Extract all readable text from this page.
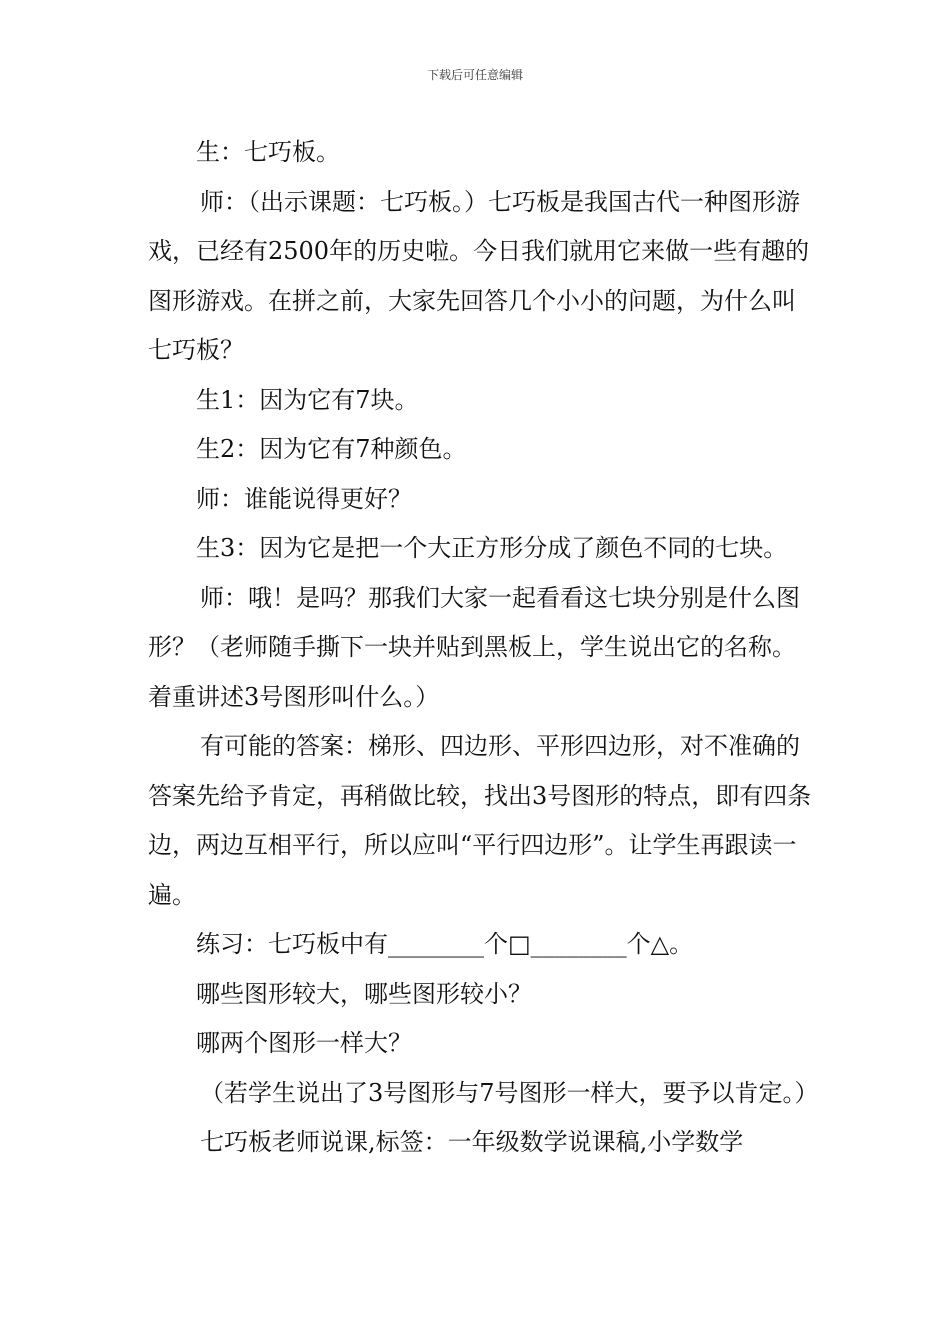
下载后可任意编辑

生：七巧板。

师：（出示课题：七巧板。）七巧板是我国古代一种图形游戏，已经有2500年的历史啦。今日我们就用它来做一些有趣的图形游戏。在拼之前，大家先回答几个小小的问题，为什么叫七巧板？

生1：因为它有7块。

生2：因为它有7种颜色。

师：谁能说得更好？

生3：因为它是把一个大正方形分成了颜色不同的七块。

师：哦！是吗？那我们大家一起看看这七块分别是什么图形？（老师随手撕下一块并贴到黑板上，学生说出它的名称。着重讲述3号图形叫什么。）

有可能的答案：梯形、四边形、平形四边形，对不准确的答案先给予肯定，再稍做比较，找出3号图形的特点，即有四条边，两边互相平行，所以应叫“平行四边形”。让学生再跟读一遍。

练习：七巧板中有________个□________个△。

哪些图形较大，哪些图形较小？

哪两个图形一样大？

（若学生说出了3号图形与7号图形一样大，要予以肯定。）

七巧板老师说课,标签：一年级数学说课稿,小学数学
